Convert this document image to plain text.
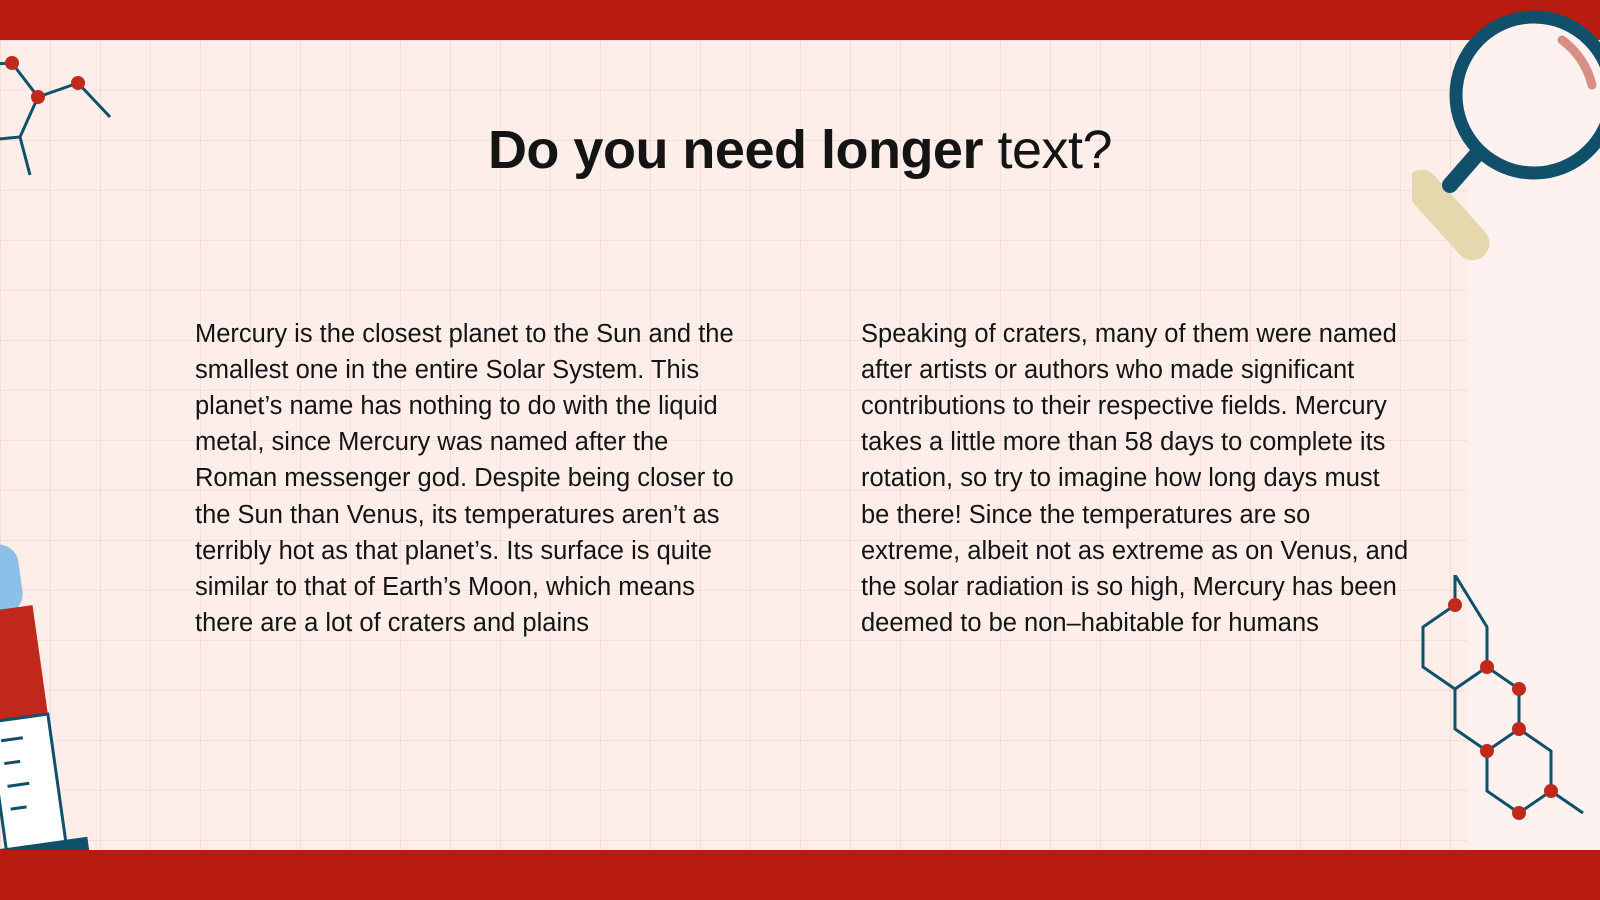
Do you need longer text?

Mercury is the closest planet to the Sun and the smallest one in the entire Solar System. This planet’s name has nothing to do with the liquid metal, since Mercury was named after the Roman messenger god. Despite being closer to the Sun than Venus, its temperatures aren’t as terribly hot as that planet’s. Its surface is quite similar to that of Earth’s Moon, which means there are a lot of craters and plains

Speaking of craters, many of them were named after artists or authors who made significant contributions to their respective fields. Mercury takes a little more than 58 days to complete its rotation, so try to imagine how long days must be there! Since the temperatures are so extreme, albeit not as extreme as on Venus, and the solar radiation is so high, Mercury has been deemed to be non–habitable for humans
